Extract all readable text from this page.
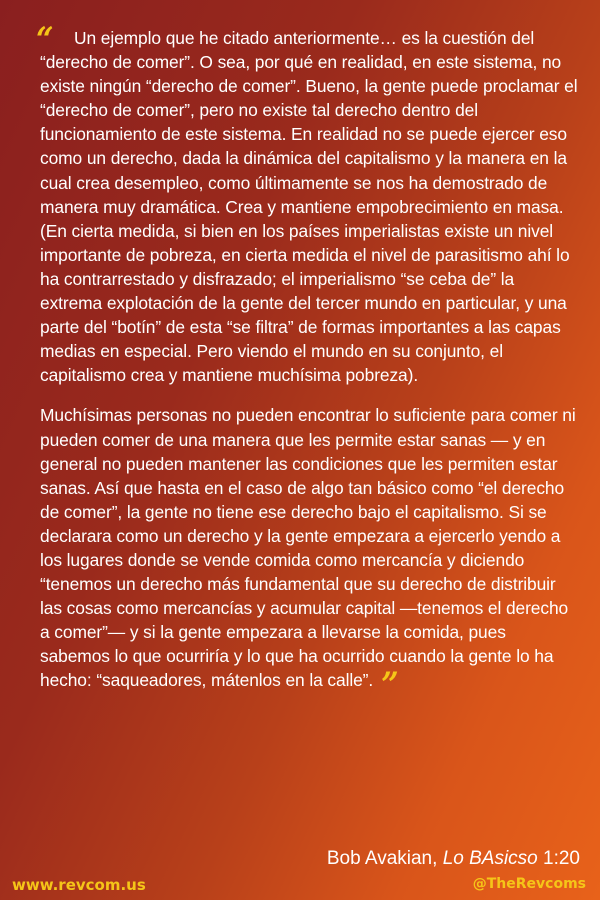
“	Un ejemplo que he citado anteriormente… es la cuestión del “derecho de comer”. O sea, por qué en realidad, en este sistema, no existe ningún “derecho de comer”. Bueno, la gente puede proclamar el “derecho de comer”, pero no existe tal derecho dentro del funcionamiento de este sistema. En realidad no se puede ejercer eso como un derecho, dada la dinámica del capitalismo y la manera en la cual crea desempleo, como últimamente se nos ha demostrado de manera muy dramática. Crea y mantiene empobrecimiento en masa. (En cierta medida, si bien en los países imperialistas existe un nivel importante de pobreza, en cierta medida el nivel de parasitismo ahí lo ha contrarrestado y disfrazado; el imperialismo “se ceba de” la extrema explotación de la gente del tercer mundo en particular, y una parte del “botín” de esta “se filtra” de formas importantes a las capas medias en especial. Pero viendo el mundo en su conjunto, el capitalismo crea y mantiene muchísima pobreza).

Muchísimas personas no pueden encontrar lo suficiente para comer ni pueden comer de una manera que les permite estar sanas — y en general no pueden mantener las condiciones que les permiten estar sanas. Así que hasta en el caso de algo tan básico como “el derecho de comer”, la gente no tiene ese derecho bajo el capitalismo. Si se declarara como un derecho y la gente empezara a ejercerlo yendo a los lugares donde se vende comida como mercancía y diciendo “tenemos un derecho más fundamental que su derecho de distribuir las cosas como mercancías y acumular capital —tenemos el derecho a comer”— y si la gente empezara a llevarse la comida, pues sabemos lo que ocurriría y lo que ha ocurrido cuando la gente lo ha hecho: “saqueadores, mátenlos en la calle”. ”

Bob Avakian, Lo BAsicso 1:20
www.revcom.us	@TheRevcoms
